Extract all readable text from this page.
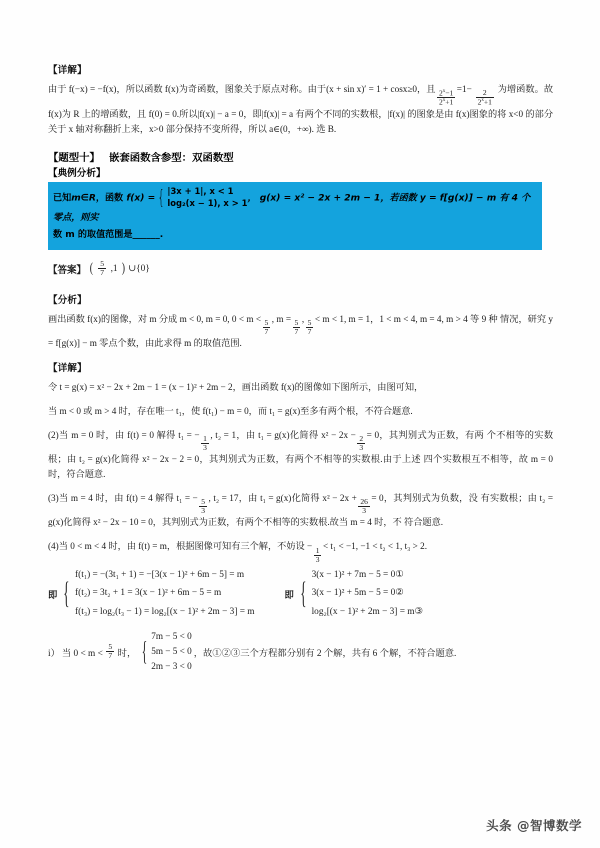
【详解】
由于 f(−x) = −f(x)，所以函数 f(x)为奇函数，图象关于原点对称。由于(x + sin x)′ = 1 + cosx≥0，且 $\frac{2^x-1}{2^x+1} =1-$
$\frac{2}{2^x+1}$
为增函数。故 f(x)为 R 上的增函数，且 f(0) = 0.所以|f(x)| − a = 0，即|f(x)| = a 有两个不同的实数根，|f(x)| 的图象是由 f(x)图象的将 x<0 的部分关于 x 轴对称翻折上来，x>0 部分保持不变所得，所以 a∈(0，+∞). 选 B.
【题型十】 嵌套函数含参型：双函数型
【典例分析】
已知m∈R，函数 f(x) = { |3x + 1|, x < 1
log₂(x − 1), x > 1 ， g(x) = x² − 2x + 2m − 1，若函数 y = f[g(x)] − m 有 4 个零点，则实
数 m 的取值范围是______.
【答案】 ( $\frac{5}{7} ,1$ ) ∪{0}
【分析】
画出函数 f(x)的图像，对 m 分成 m < 0, m = 0, 0 < m <
$\frac{5}{7}$
, m =
$\frac{5}{7}$
,
$\frac{5}{7}$
< m < 1, m = 1，1 < m < 4, m = 4, m > 4 等 9 种 情况，研究 y = f[g(x)] − m 零点个数，由此求得 m 的取值范围.
【详解】
令 t = g(x) = x² − 2x + 2m − 1 = (x − 1)² + 2m − 2，画出函数 f(x)的图像如下图所示，由图可知，
当 m < 0 或 m > 4 时，存在唯一 t₁，使 f(t₁) − m = 0，而 t₁ = g(x)至多有两个根，不符合题意.
(2)当 m = 0 时，由 f(t) = 0 解得 t₁ = −
$\frac{1}{3}$
, t₂ = 1，由 t₁ = g(x)化简得 x² − 2x −
$\frac{2}{3}$
= 0，其判别式为正数，有两 个不相等的实数根；由 t₂ = g(x)化简得 x² − 2x − 2 = 0，其判别式为正数，有两个不相等的实数根.由于上述 四个实数根互不相等，故 m = 0 时，符合题意.
(3)当 m = 4 时，由 f(t) = 4 解得 t₁ = −
$\frac{5}{3}$
, t₂ = 17，由 t₁ = g(x)化简得 x² − 2x +
$\frac{26}{3}$
= 0，其判别式为负数，没 有实数根；由 t₂ = g(x)化简得 x² − 2x − 10 = 0，其判别式为正数，有两个不相等的实数根.故当 m = 4 时，不 符合题意.
(4)当 0 < m < 4 时，由 f(t) = m，根据图像可知有三个解，不妨设 −
$\frac{1}{3}$
< t₁ < −1, −1 < t₂ < 1, t₃ > 2.
即 {
f(t₁) = −(3t₁ + 1) = −[3(x − 1)² + 6m − 5] = m
f(t₂) = 3t₂ + 1 = 3(x − 1)² + 6m − 5 = m
f(t₃) = log₂(t₃ − 1) = log₂[(x − 1)² + 2m − 3] = m
即 {
3(x − 1)² + 7m − 5 = 0①
3(x − 1)² + 5m − 5 = 0②
log₂[(x − 1)² + 2m − 3] = m③
i） 当 $0 < m < \frac{5}{7}$ 时， {
7m − 5 < 0
5m − 5 < 0
2m − 3 < 0
，故①②③三个方程都分别有 2 个解，共有 6 个解，不符合题意.
头条 @智博数学
